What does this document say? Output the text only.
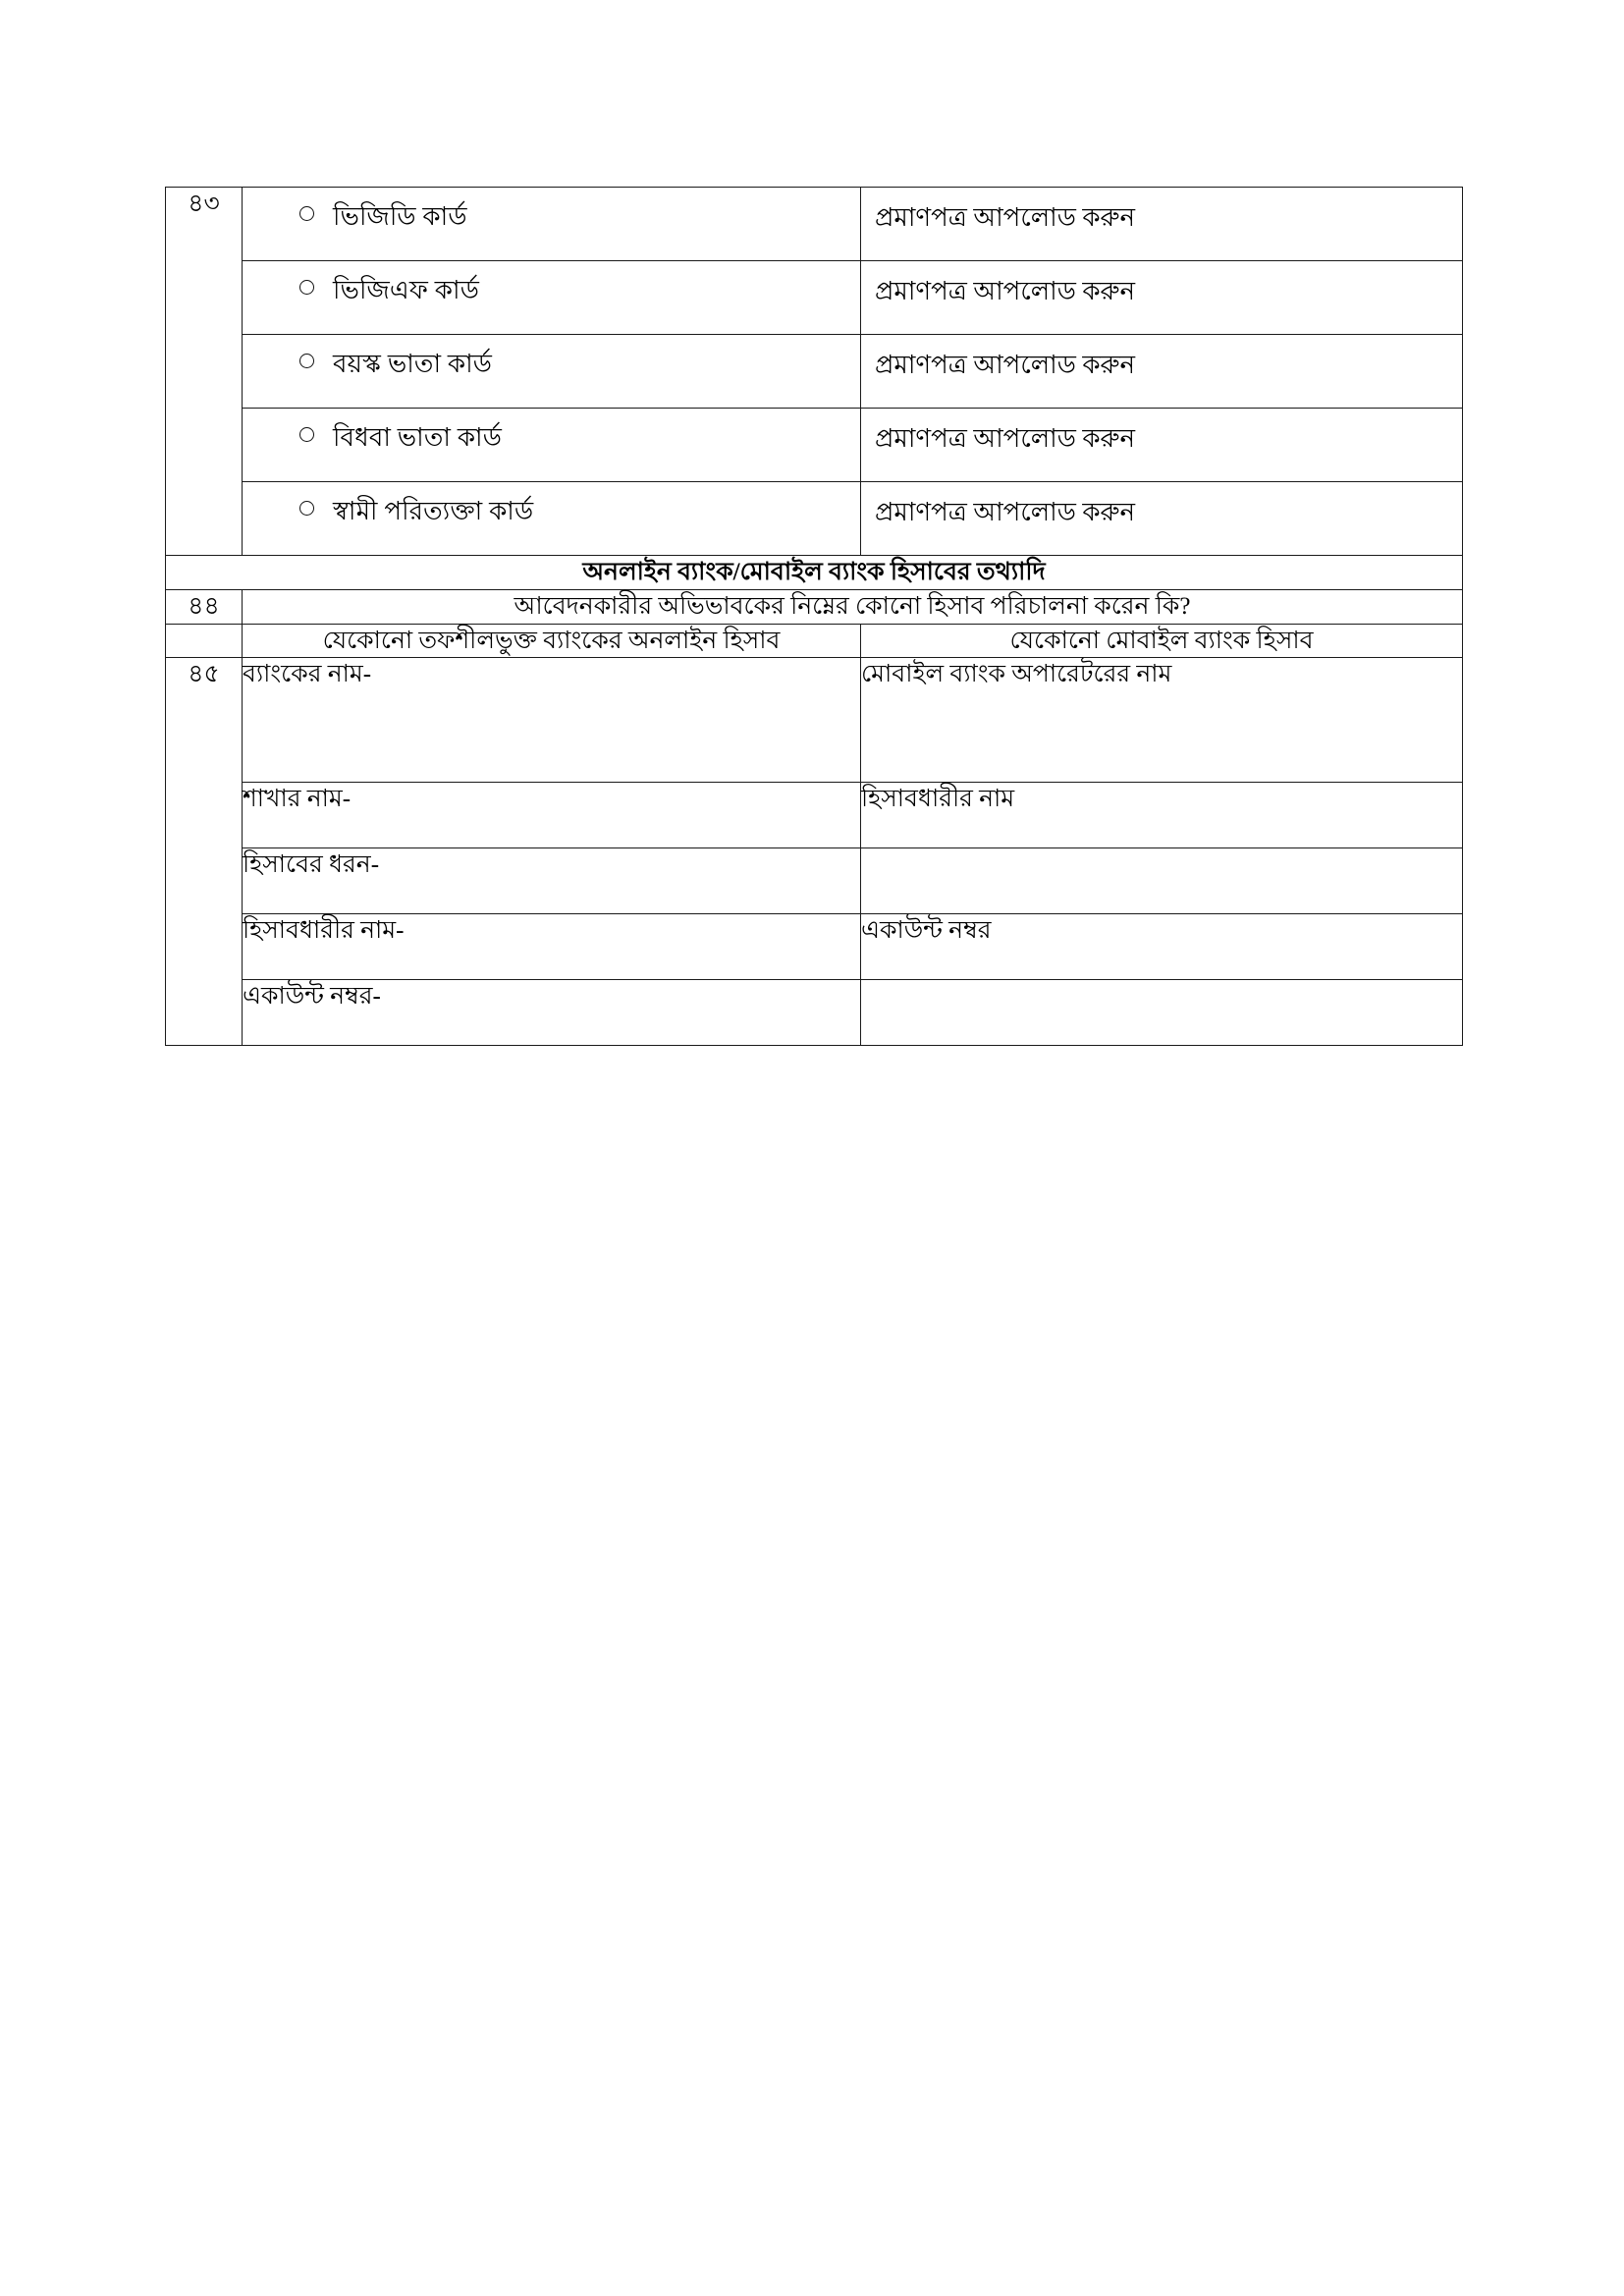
৪৩	ভিজিডি কার্ড	প্রমাণপত্র আপলোড করুন

	ভিজিএফ কার্ড	প্রমাণপত্র আপলোড করুন

	বয়স্ক ভাতা কার্ড	প্রমাণপত্র আপলোড করুন

	বিধবা ভাতা কার্ড	প্রমাণপত্র আপলোড করুন

	স্বামী পরিত্যক্তা কার্ড	প্রমাণপত্র আপলোড করুন

অনলাইন ব্যাংক/মোবাইল ব্যাংক হিসাবের তথ্যাদি		
৪৪	আবেদনকারীর অভিভাবকের নিম্নের কোনো হিসাব পরিচালনা করেন কি?	
	যেকোনো তফশীলভুক্ত ব্যাংকের অনলাইন হিসাব	যেকোনো মোবাইল ব্যাংক হিসাব
৪৫	ব্যাংকের নাম-	মোবাইল ব্যাংক অপারেটরের নাম
	শাখার নাম-	হিসাবধারীর নাম
	হিসাবের ধরন-	
	হিসাবধারীর নাম-	একাউন্ট নম্বর
	একাউন্ট নম্বর-	
